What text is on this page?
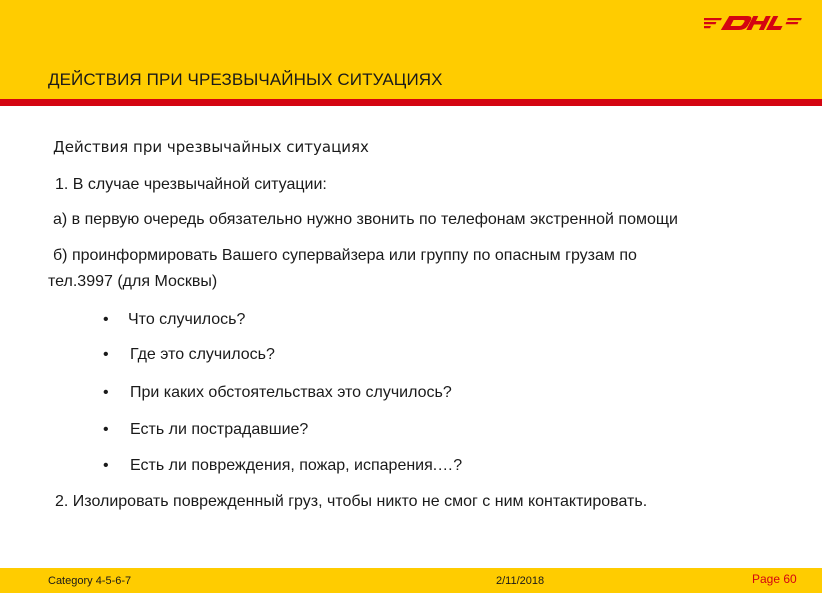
ДЕЙСТВИЯ ПРИ ЧРЕЗВЫЧАЙНЫХ СИТУАЦИЯХ
Действия при чрезвычайных ситуациях
1. В случае чрезвычайной ситуации:
а) в первую очередь обязательно нужно звонить по телефонам экстренной помощи
б) проинформировать Вашего супервайзера или группу по опасным грузам по
тел.3997 (для Москвы)
• Что случилось?
• Где это случилось?
• При каких обстоятельствах это случилось?
• Есть ли пострадавшие?
• Есть ли повреждения, пожар, испарения.…?
2. Изолировать поврежденный груз, чтобы никто не смог с ним контактировать.
Category 4-5-6-7	2/11/2018	Page 60
